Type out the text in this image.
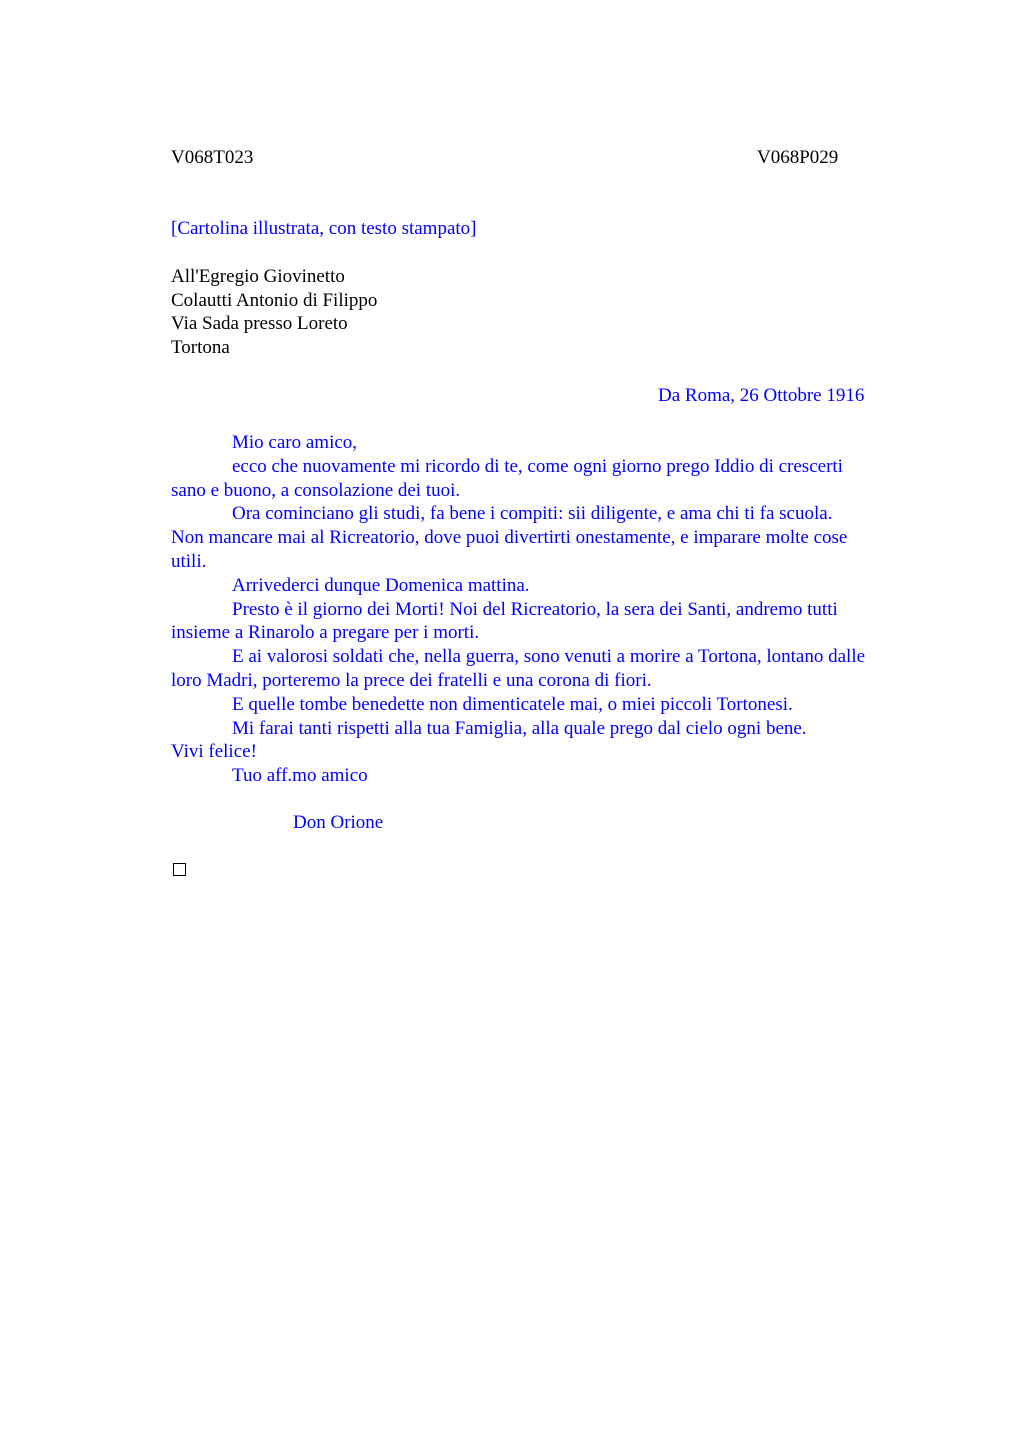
V068T023	V068P029
[Cartolina illustrata, con testo stampato]
All'Egregio Giovinetto
Colautti Antonio di Filippo
Via Sada presso Loreto
Tortona
Da Roma, 26 Ottobre 1916
Mio caro amico,
ecco che nuovamente mi ricordo di te, come ogni giorno prego Iddio di crescerti
sano e buono, a consolazione dei tuoi.
Ora cominciano gli studi, fa bene i compiti: sii diligente, e ama chi ti fa scuola.
Non mancare mai al Ricreatorio, dove puoi divertirti onestamente, e imparare molte cose
utili.
Arrivederci dunque Domenica mattina.
Presto è il giorno dei Morti! Noi del Ricreatorio, la sera dei Santi, andremo tutti
insieme a Rinarolo a pregare per i morti.
E ai valorosi soldati che, nella guerra, sono venuti a morire a Tortona, lontano dalle
loro Madri, porteremo la prece dei fratelli e una corona di fiori.
E quelle tombe benedette non dimenticatele mai, o miei piccoli Tortonesi.
Mi farai tanti rispetti alla tua Famiglia, alla quale prego dal cielo ogni bene.
Vivi felice!
Tuo aff.mo amico
Don Orione
